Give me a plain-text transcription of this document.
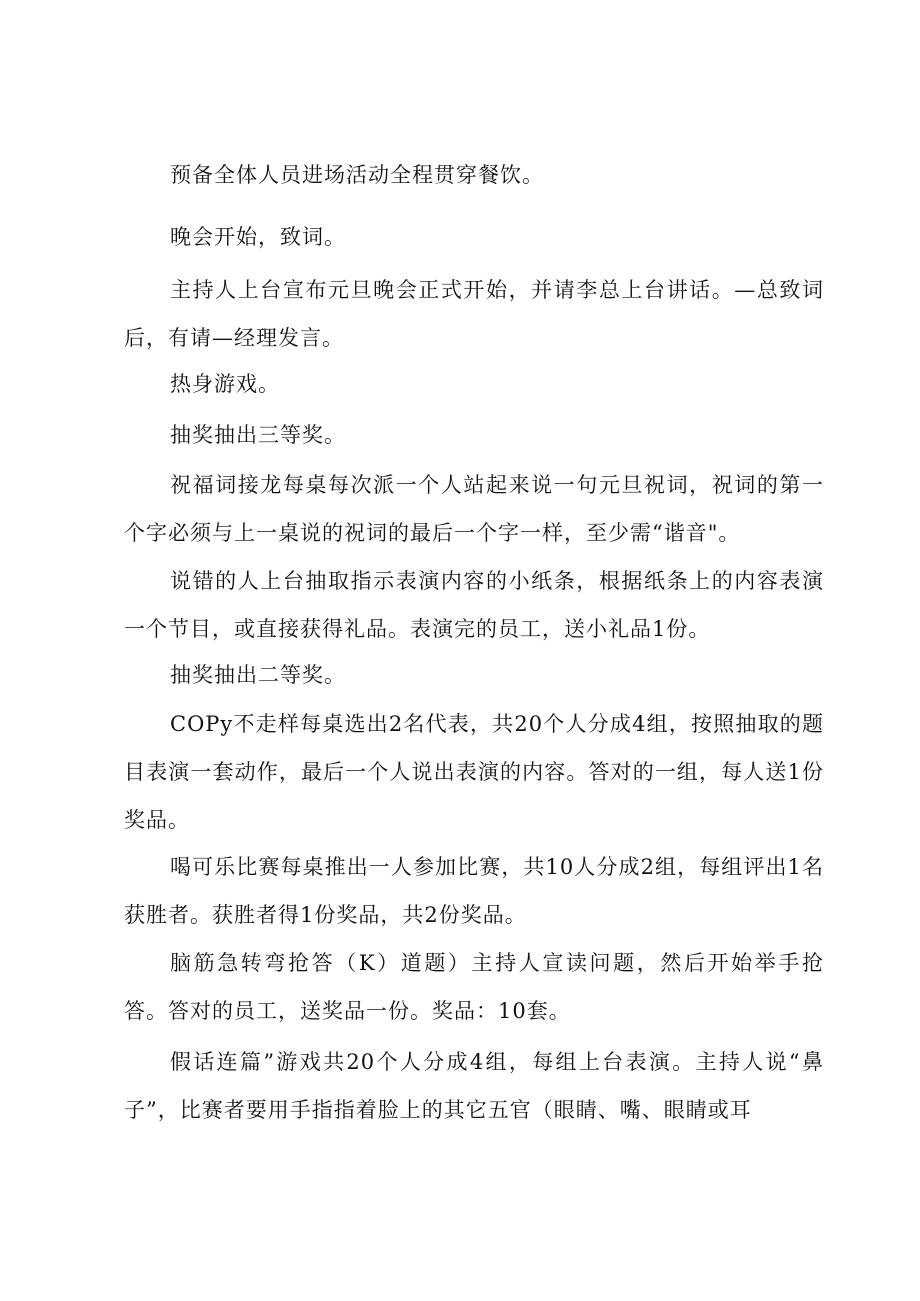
预备全体人员进场活动全程贯穿餐饮。

晚会开始，致词。

主持人上台宣布元旦晚会正式开始，并请李总上台讲话。—总致词后，有请—经理发言。

热身游戏。

抽奖抽出三等奖。

祝福词接龙每桌每次派一个人站起来说一句元旦祝词，祝词的第一个字必须与上一桌说的祝词的最后一个字一样，至少需“谐音"。

说错的人上台抽取指示表演内容的小纸条，根据纸条上的内容表演一个节目，或直接获得礼品。表演完的员工，送小礼品1份。

抽奖抽出二等奖。

COPy不走样每桌选出2名代表，共20个人分成4组，按照抽取的题目表演一套动作，最后一个人说出表演的内容。答对的一组，每人送1份奖品。

喝可乐比赛每桌推出一人参加比赛，共10人分成2组，每组评出1名获胜者。获胜者得1份奖品，共2份奖品。

脑筋急转弯抢答（K）道题）主持人宣读问题，然后开始举手抢答。答对的员工，送奖品一份。奖品：10套。

假话连篇”游戏共20个人分成4组，每组上台表演。主持人说“鼻子”，比赛者要用手指指着脸上的其它五官（眼睛、嘴、眼睛或耳
